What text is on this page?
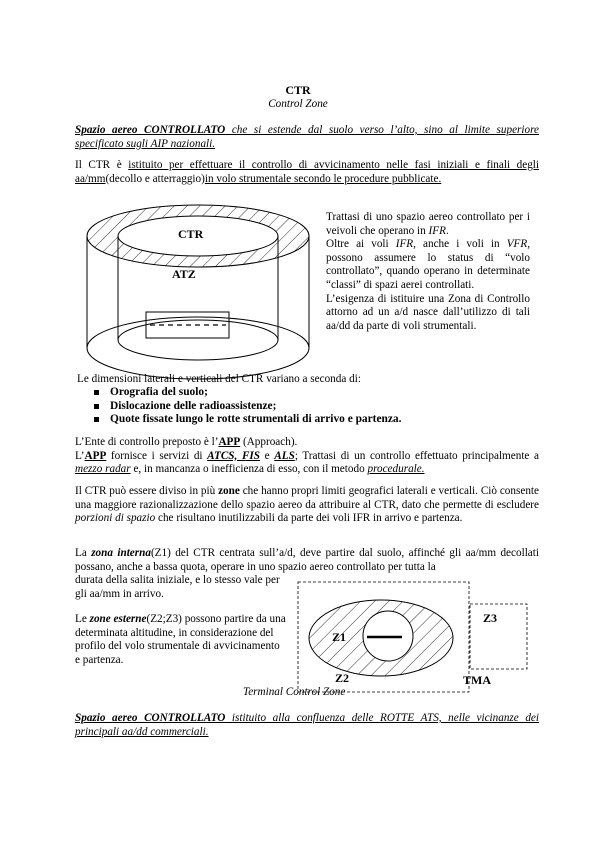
CTR
Control Zone
Spazio aereo CONTROLLATO che si estende dal suolo verso l’alto, sino al limite superiore specificato sugli AIP nazionali.
Il CTR è istituito per effettuare il controllo di avvicinamento nelle fasi iniziali e finali degli aa/mm(decollo e atterraggio)in volo strumentale secondo le procedure pubblicate.
CTR
ATZ
Trattasi di uno spazio aereo controllato per i veivoli che operano in IFR.
Oltre ai voli IFR, anche i voli in VFR, possono assumere lo status di “volo controllato”, quando operano in determinate “classi” di spazi aerei controllati.
L’esigenza di istituire una Zona di Controllo attorno ad un a/d nasce dall’utilizzo di tali aa/dd da parte di voli strumentali.
Le dimensioni laterali e verticali del CTR variano a seconda di:
Orografia del suolo;
Dislocazione delle radioassistenze;
Quote fissate lungo le rotte strumentali di arrivo e partenza.
L’Ente di controllo preposto è l’APP (Approach).
L’APP fornisce i servizi di ATCS, FIS e ALS; Trattasi di un controllo effettuato principalmente a mezzo radar e, in mancanza o inefficienza di esso, con il metodo procedurale.
Il CTR può essere diviso in più zone che hanno propri limiti geografici laterali e verticali. Ciò consente una maggiore razionalizzazione dello spazio aereo da attribuire al CTR, dato che permette di escludere porzioni di spazio che risultano inutilizzabili da parte dei voli IFR in arrivo e partenza.
La zona interna(Z1) del CTR centrata sull’a/d, deve partire dal suolo, affinché gli aa/mm decollati possano, anche a bassa quota, operare in uno spazio aereo controllato per tutta la
Le zone esterne(Z2;Z3) possono partire da una determinata altitudine, in considerazione del profilo del volo strumentale di avvicinamento e partenza.
Z1
Z2
Z3
TMA
Terminal Control Zone
Spazio aereo CONTROLLATO istituito alla confluenza delle ROTTE ATS, nelle vicinanze dei principali aa/dd commerciali.
durata della salita iniziale, e lo stesso vale per gli aa/mm in arrivo.
